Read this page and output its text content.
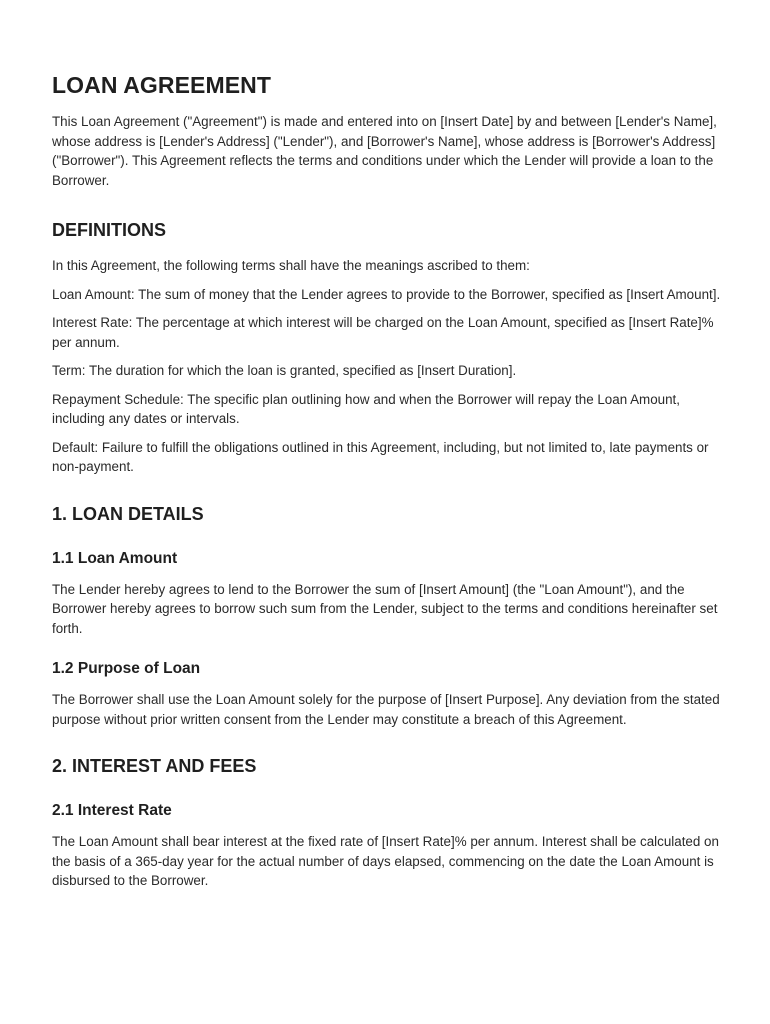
LOAN AGREEMENT

This Loan Agreement ("Agreement") is made and entered into on [Insert Date] by and between [Lender's Name], whose address is [Lender's Address] ("Lender"), and [Borrower's Name], whose address is [Borrower's Address] ("Borrower"). This Agreement reflects the terms and conditions under which the Lender will provide a loan to the Borrower.

DEFINITIONS

In this Agreement, the following terms shall have the meanings ascribed to them:

Loan Amount: The sum of money that the Lender agrees to provide to the Borrower, specified as [Insert Amount].

Interest Rate: The percentage at which interest will be charged on the Loan Amount, specified as [Insert Rate]% per annum.

Term: The duration for which the loan is granted, specified as [Insert Duration].

Repayment Schedule: The specific plan outlining how and when the Borrower will repay the Loan Amount, including any dates or intervals.

Default: Failure to fulfill the obligations outlined in this Agreement, including, but not limited to, late payments or non-payment.

1. LOAN DETAILS
1.1 Loan Amount

The Lender hereby agrees to lend to the Borrower the sum of [Insert Amount] (the "Loan Amount"), and the Borrower hereby agrees to borrow such sum from the Lender, subject to the terms and conditions hereinafter set forth.

1.2 Purpose of Loan

The Borrower shall use the Loan Amount solely for the purpose of [Insert Purpose]. Any deviation from the stated purpose without prior written consent from the Lender may constitute a breach of this Agreement.

2. INTEREST AND FEES
2.1 Interest Rate

The Loan Amount shall bear interest at the fixed rate of [Insert Rate]% per annum. Interest shall be calculated on the basis of a 365-day year for the actual number of days elapsed, commencing on the date the Loan Amount is disbursed to the Borrower.
